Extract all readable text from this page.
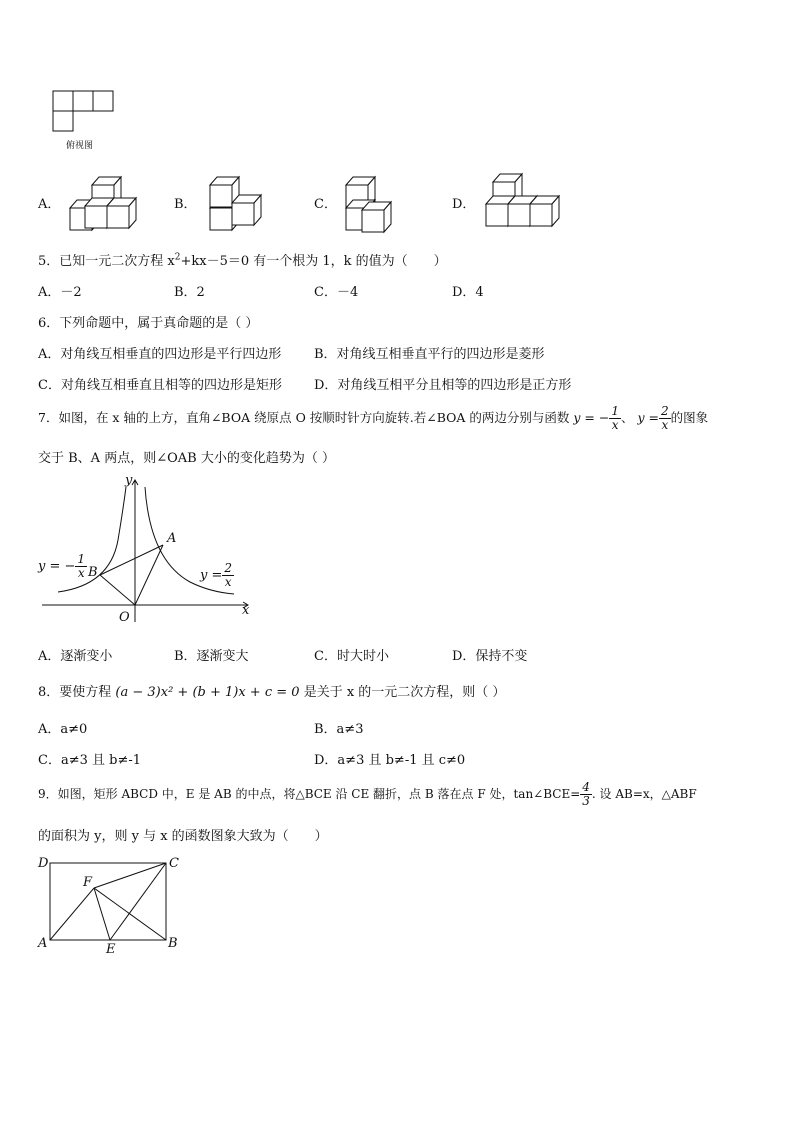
俯视图
A．	B．	C．	D．
5．已知一元二次方程 $x^2+kx-5=0$ 有一个根为 1，k 的值为（　　）
A．－2	B．2	C．－4	D．4
6．下列命题中，属于真命题的是（ ）
A．对角线互相垂直的四边形是平行四边形	B．对角线互相垂直平行的四边形是菱形
C．对角线互相垂直且相等的四边形是矩形 D．对角线互相平分且相等的四边形是正方形
7．如图，在 x 轴的上方，直角∠BOA 绕原点 O 按顺时针方向旋转.若∠BOA 的两边分别与函数 y = − $\frac{1}{x}$ 、 $y = \frac{2}{x}$ 的图象
交于 B、A 两点，则∠OAB 大小的变化趋势为（ ）
y
x
O
A
B
y = − $\frac{1}{x}$	$y = \frac{2}{x}$
A．逐渐变小	B．逐渐变大	C．时大时小	D．保持不变
8．要使方程 (a − 3)x² + (b + 1)x + c = 0 是关于 x 的一元二次方程，则（ ）
A．a≠0	B．a≠3
C．a≠3 且 b≠-1	D．a≠3 且 b≠-1 且 c≠0
9．如图，矩形 ABCD 中，E 是 AB 的中点，将△BCE 沿 CE 翻折，点 B 落在点 F 处，tan∠BCE= $\frac{4}{3}$ . 设 AB=x，△ABF
的面积为 y，则 y 与 x 的函数图象大致为（　　）
D	C
F
A	E	B
